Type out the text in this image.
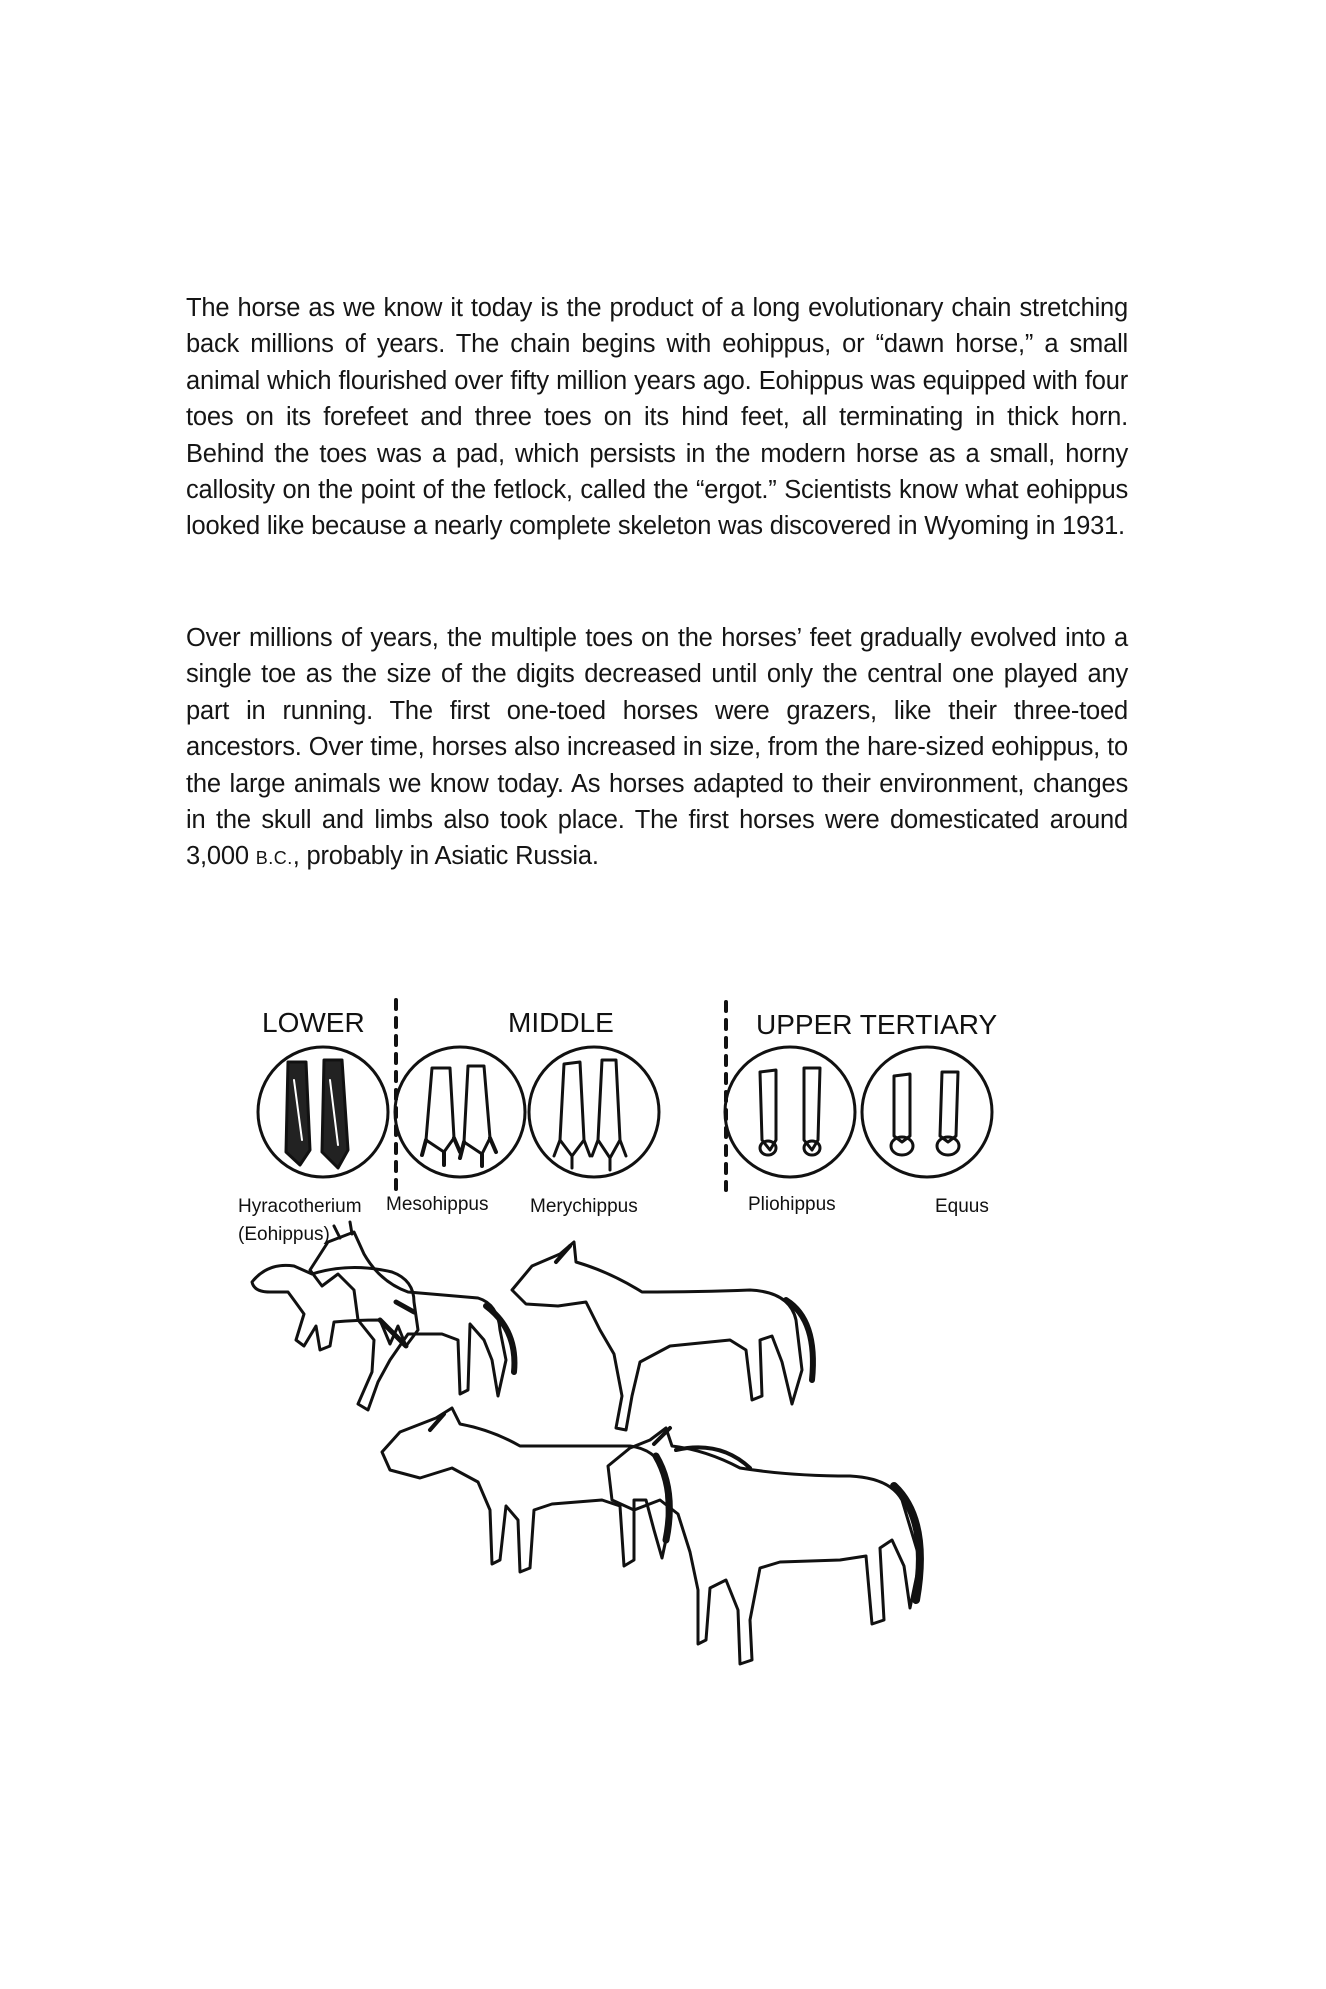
The horse as we know it today is the product of a long evolutionary chain stretching back millions of years. The chain begins with eohippus, or “dawn horse,” a small animal which flourished over fifty million years ago. Eohippus was equipped with four toes on its forefeet and three toes on its hind feet, all terminating in thick horn. Behind the toes was a pad, which persists in the modern horse as a small, horny callosity on the point of the fetlock, called the “ergot.” Scientists know what eohippus looked like because a nearly complete skeleton was discovered in Wyoming in 1931.

Over millions of years, the multiple toes on the horses’ feet gradually evolved into a single toe as the size of the digits decreased until only the central one played any part in running. The first one-toed horses were grazers, like their three-toed ancestors. Over time, horses also increased in size, from the hare-sized eohippus, to the large animals we know today. As horses adapted to their environment, changes in the skull and limbs also took place. The first horses were domesticated around 3,000 B.C., probably in Asiatic Russia.

LOWER	MIDDLE	UPPER TERTIARY
Hyracotherium
(Eohippus)
Mesohippus Merychippus	Pliohippus	Equus
